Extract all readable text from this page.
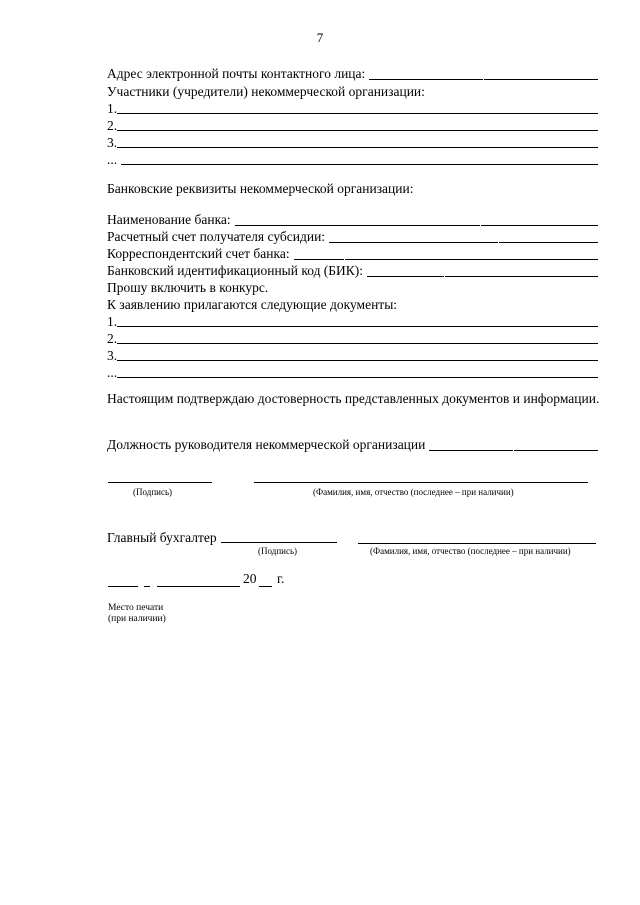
7
Адрес электронной почты контактного лица:
Участники (учредители) некоммерческой организации:
1.
2.
3.
...
Банковские реквизиты некоммерческой организации:
Наименование банка:
Расчетный счет получателя субсидии:
Корреспондентский счет банка:
Банковский идентификационный код (БИК):
Прошу включить в конкурс.
К заявлению прилагаются следующие документы:
1.
2.
3.
...
Настоящим подтверждаю достоверность представленных документов и информации.
Должность руководителя некоммерческой организации
(Подпись)	(Фамилия, имя, отчество (последнее – при наличии)
Главный бухгалтер
(Подпись)	(Фамилия, имя, отчество (последнее – при наличии)
20 г.
Место печати
(при наличии)
